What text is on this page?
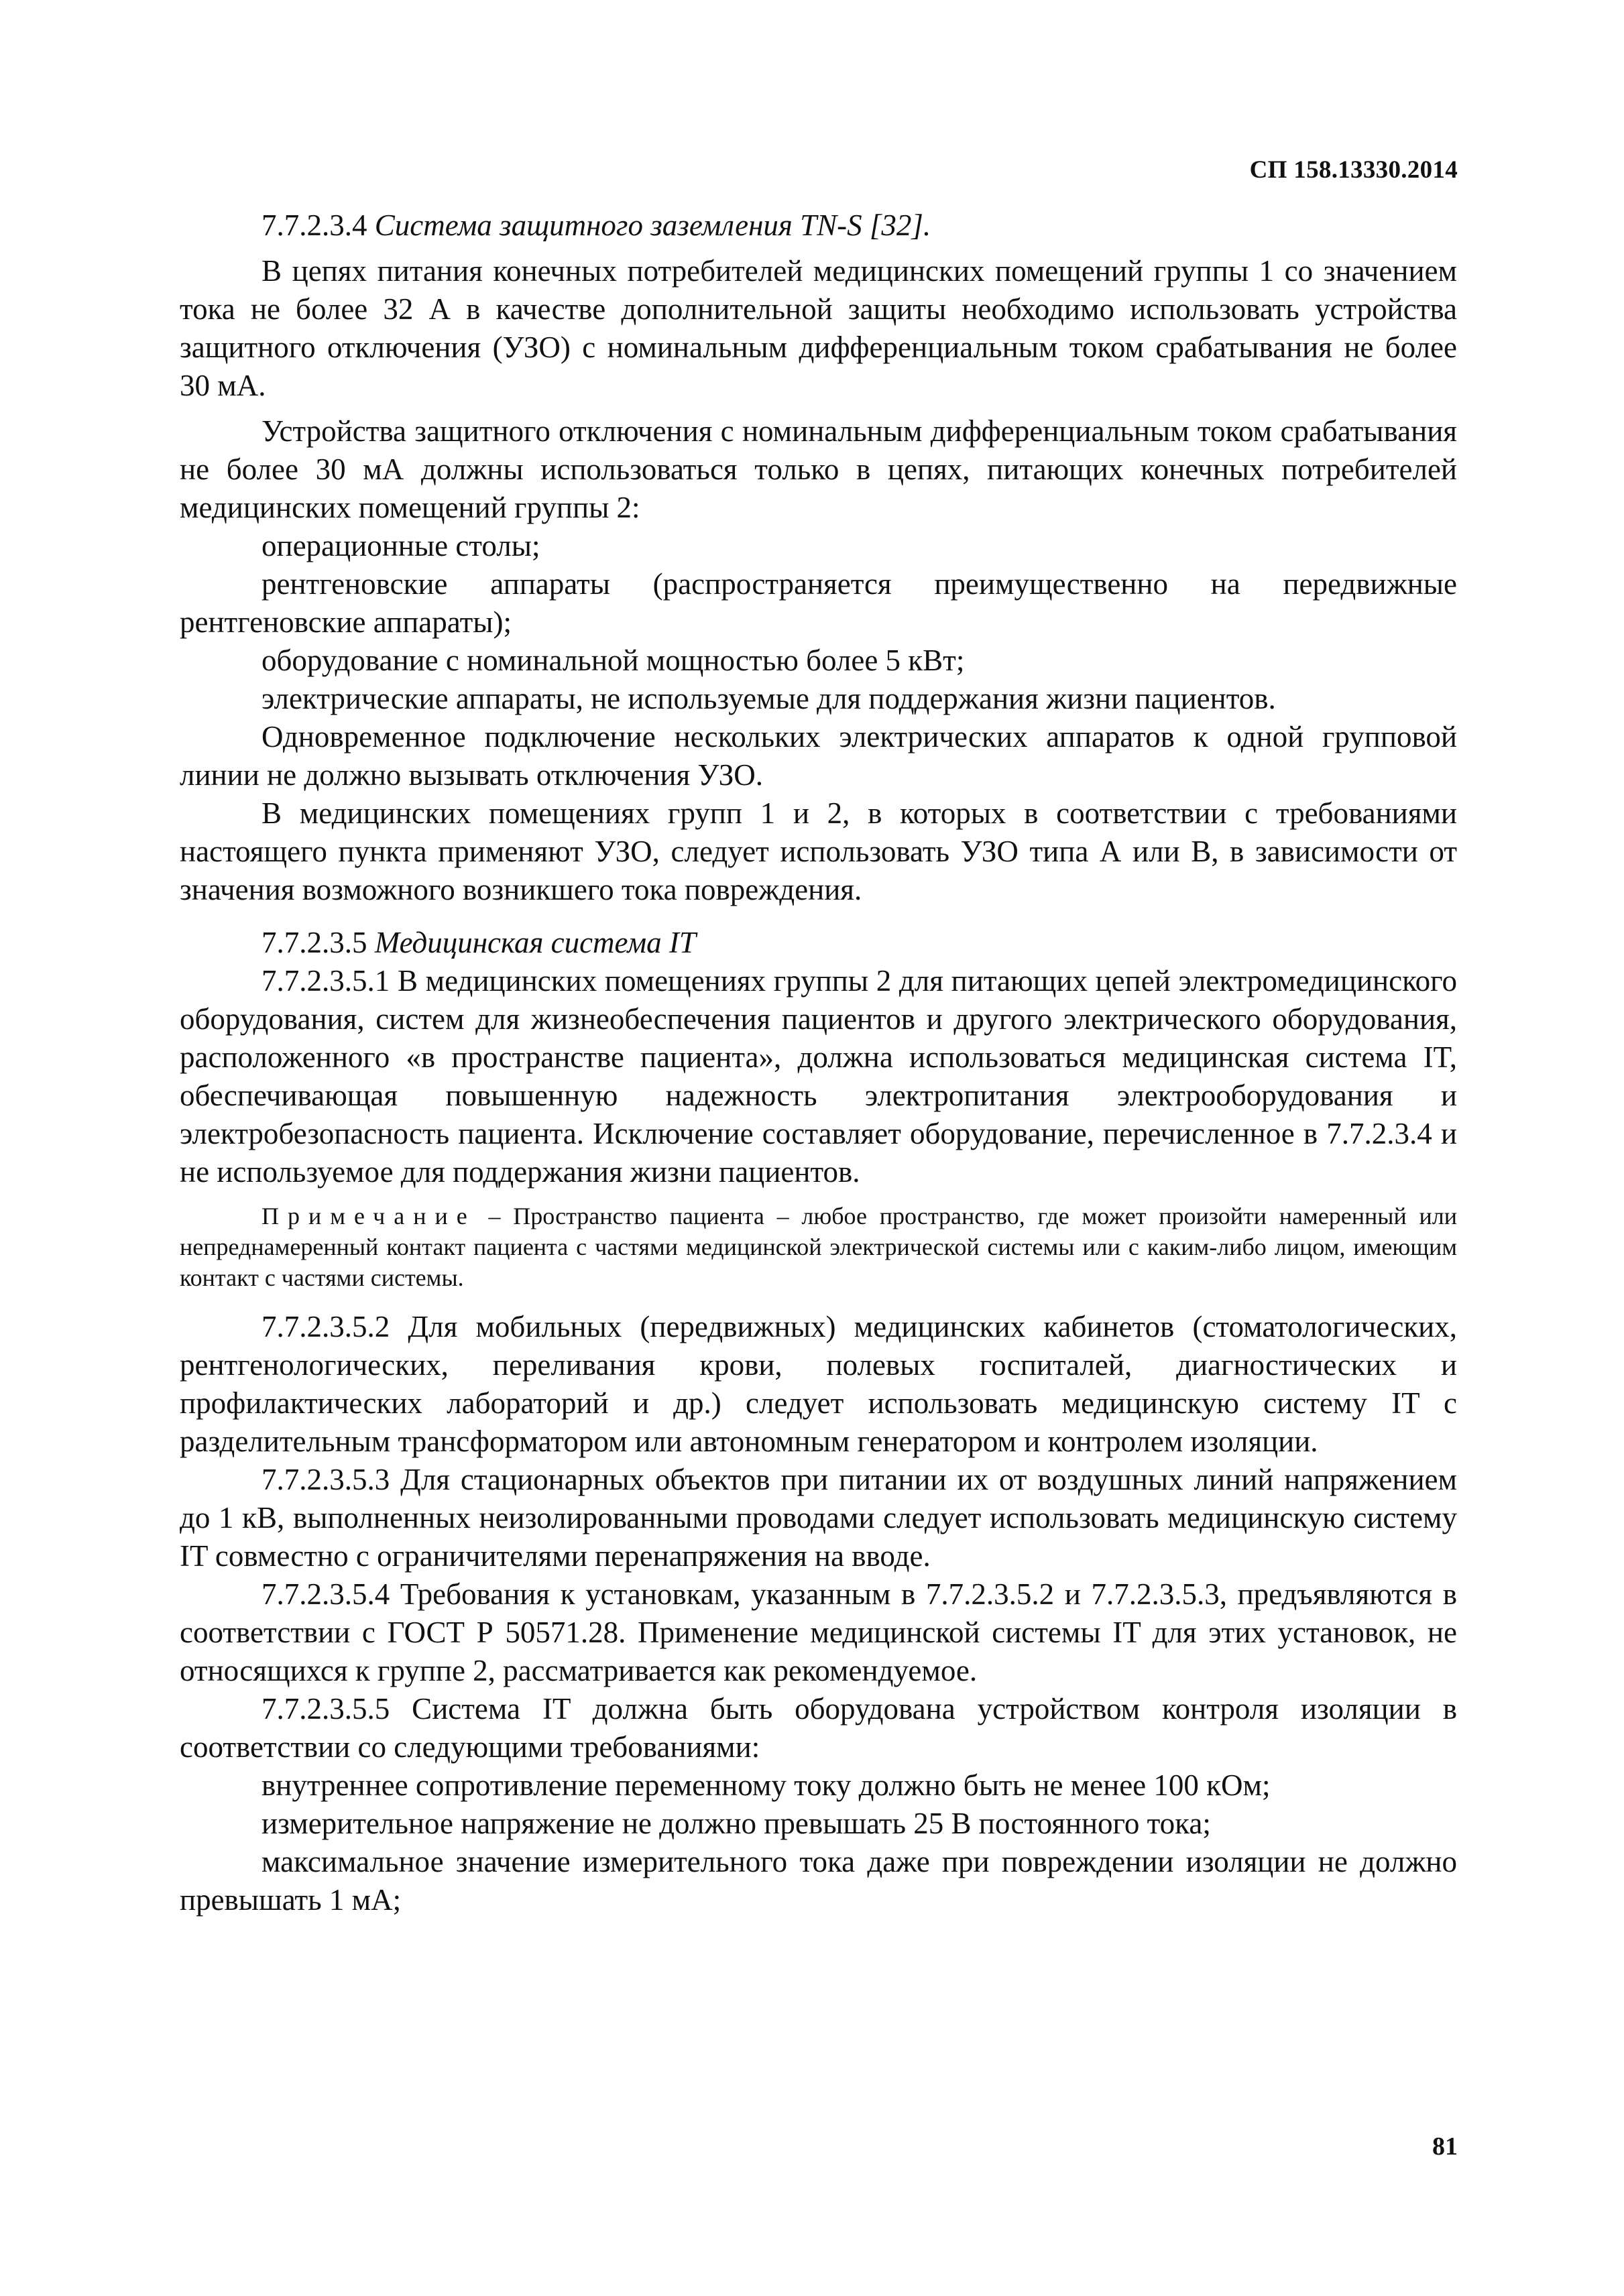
СП 158.13330.2014

7.7.2.3.4 Система защитного заземления TN-S [32].

В цепях питания конечных потребителей медицинских помещений группы 1 со значением тока не более 32 А в качестве дополнительной защиты необходимо использовать устройства защитного отключения (УЗО) с номинальным дифференциальным током срабатывания не более 30 мА.

Устройства защитного отключения с номинальным дифференциальным током срабатывания не более 30 мА должны использоваться только в цепях, питающих конечных потребителей медицинских помещений группы 2:

операционные столы;

рентгеновские аппараты (распространяется преимущественно на передвижные рентгеновские аппараты);

оборудование с номинальной мощностью более 5 кВт;

электрические аппараты, не используемые для поддержания жизни пациентов.

Одновременное подключение нескольких электрических аппаратов к одной групповой линии не должно вызывать отключения УЗО.

В медицинских помещениях групп 1 и 2, в которых в соответствии с требованиями настоящего пункта применяют УЗО, следует использовать УЗО типа А или В, в зависимости от значения возможного возникшего тока повреждения.

7.7.2.3.5 Медицинская система IT

7.7.2.3.5.1 В медицинских помещениях группы 2 для питающих цепей электромедицинского оборудования, систем для жизнеобеспечения пациентов и другого электрического оборудования, расположенного «в пространстве пациента», должна использоваться медицинская система IT, обеспечивающая повышенную надежность электропитания электрооборудования и электробезопасность пациента. Исключение составляет оборудование, перечисленное в 7.7.2.3.4 и не используемое для поддержания жизни пациентов.

Примечание – Пространство пациента – любое пространство, где может произойти намеренный или непреднамеренный контакт пациента с частями медицинской электрической системы или с каким-либо лицом, имеющим контакт с частями системы.

7.7.2.3.5.2 Для мобильных (передвижных) медицинских кабинетов (стоматологических, рентгенологических, переливания крови, полевых госпиталей, диагностических и профилактических лабораторий и др.) следует использовать медицинскую систему IT с разделительным трансформатором или автономным генератором и контролем изоляции.

7.7.2.3.5.3 Для стационарных объектов при питании их от воздушных линий напряжением до 1 кВ, выполненных неизолированными проводами следует использовать медицинскую систему IT совместно с ограничителями перенапряжения на вводе.

7.7.2.3.5.4 Требования к установкам, указанным в 7.7.2.3.5.2 и 7.7.2.3.5.3, предъявляются в соответствии с ГОСТ Р 50571.28. Применение медицинской системы IT для этих установок, не относящихся к группе 2, рассматривается как рекомендуемое.

7.7.2.3.5.5 Система IT должна быть оборудована устройством контроля изоляции в соответствии со следующими требованиями:

внутреннее сопротивление переменному току должно быть не менее 100 кОм;

измерительное напряжение не должно превышать 25 В постоянного тока;

максимальное значение измерительного тока даже при повреждении изоляции не должно превышать 1 мА;

81
